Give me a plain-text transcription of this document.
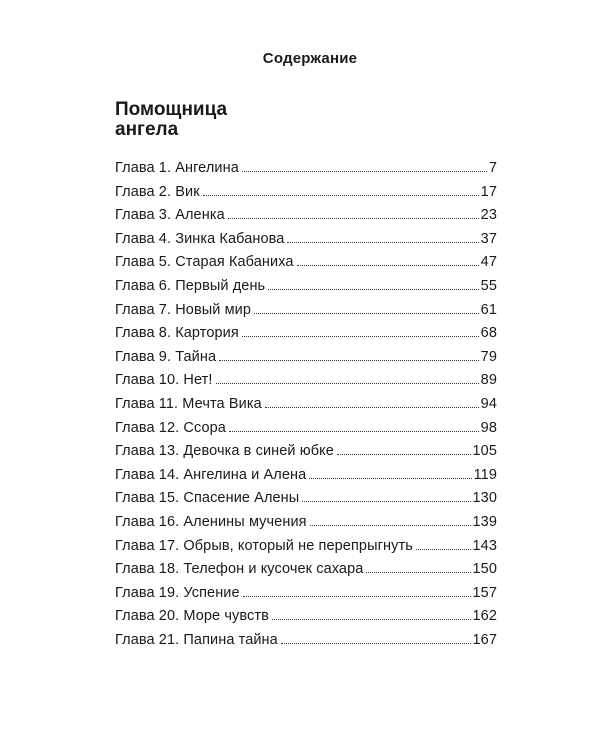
Содержание
Помощница
ангела
Глава 1. Ангелина	7
Глава 2. Вик	17
Глава 3. Аленка	23
Глава 4. Зинка Кабанова	37
Глава 5. Старая Кабаниха	47
Глава 6. Первый день	55
Глава 7. Новый мир	61
Глава 8. Картория	68
Глава 9. Тайна	79
Глава 10. Нет!	89
Глава 11. Мечта Вика	94
Глава 12. Ссора	98
Глава 13. Девочка в синей юбке	105
Глава 14. Ангелина и Алена	119
Глава 15. Спасение Алены	130
Глава 16. Аленины мучения	139
Глава 17. Обрыв, который не перепрыгнуть	143
Глава 18. Телефон и кусочек сахара	150
Глава 19. Успение	157
Глава 20. Море чувств	162
Глава 21. Папина тайна	167
